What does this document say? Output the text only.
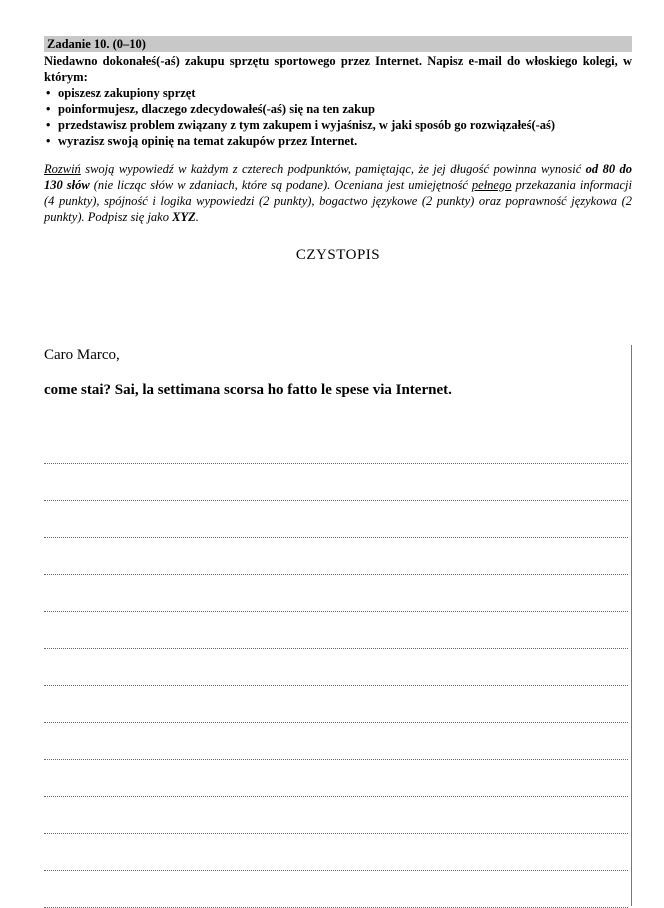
Zadanie 10. (0–10)
Niedawno dokonałeś(-aś) zakupu sprzętu sportowego przez Internet. Napisz e-mail do włoskiego kolegi, w którym:
• opiszesz zakupiony sprzęt
• poinformujesz, dlaczego zdecydowałeś(-aś) się na ten zakup
• przedstawisz problem związany z tym zakupem i wyjaśnisz, w jaki sposób go rozwiązałeś(-aś)
• wyrazisz swoją opinię na temat zakupów przez Internet.
Rozwiń swoją wypowiedź w każdym z czterech podpunktów, pamiętając, że jej długość powinna wynosić od 80 do 130 słów (nie licząc słów w zdaniach, które są podane). Oceniana jest umiejętność pełnego przekazania informacji (4 punkty), spójność i logika wypowiedzi (2 punkty), bogactwo językowe (2 punkty) oraz poprawność językowa (2 punkty). Podpisz się jako XYZ.
CZYSTOPIS
Caro Marco,
come stai? Sai, la settimana scorsa ho fatto le spese via Internet.
